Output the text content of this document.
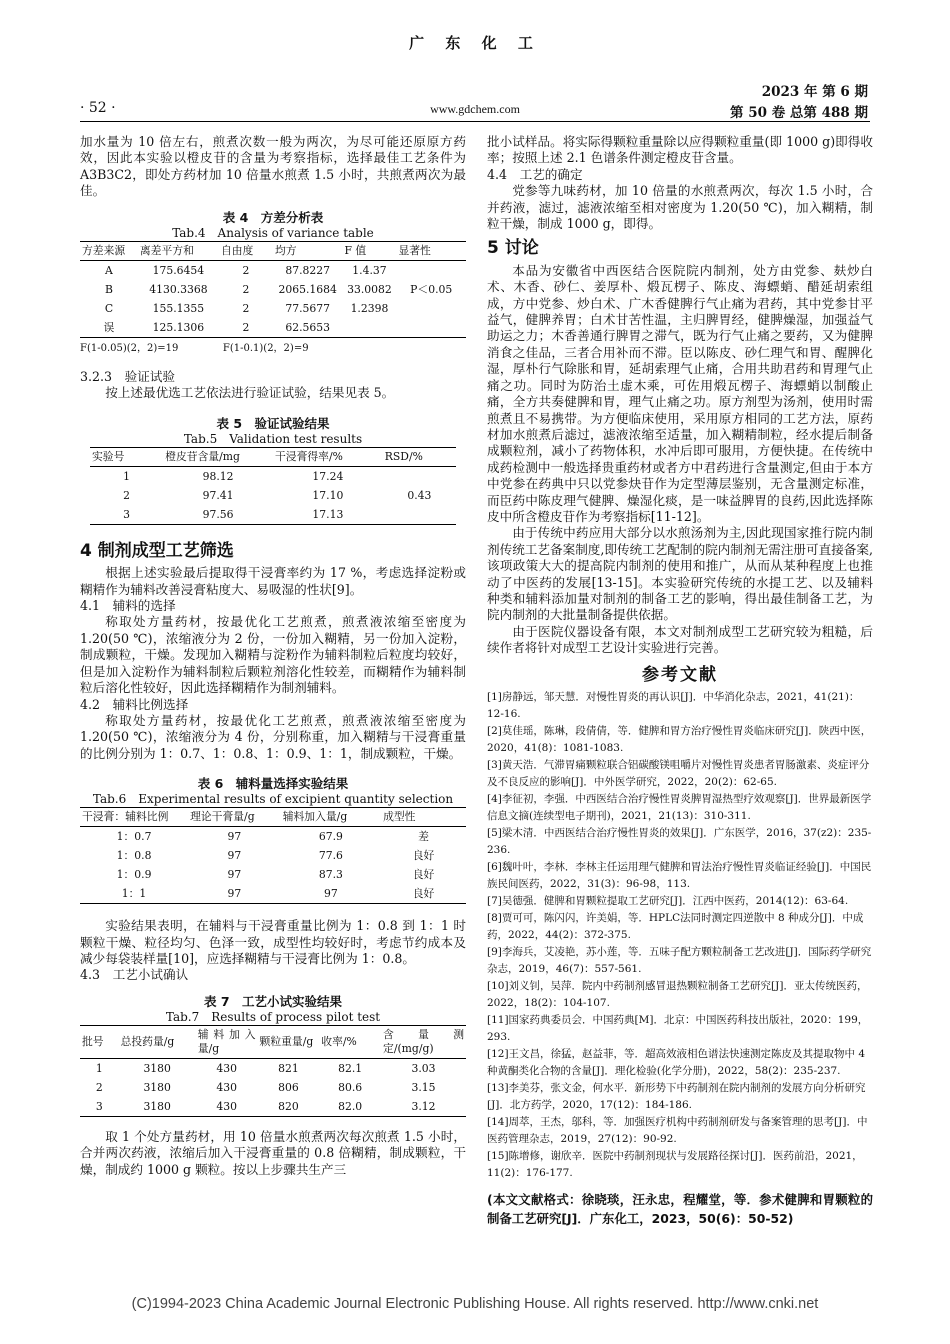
广 东 化 工
2023 年 第 6 期
· 52 ·	www.gdchem.com	第 50 卷 总第 488 期

加水量为 10 倍左右，煎煮次数一般为两次，为尽可能还原原方药效，因此本实验以橙皮苷的含量为考察指标，选择最佳工艺条件为 A3B3C2，即处方药材加 10 倍量水煎煮 1.5 小时，共煎煮两次为最佳。

表 4　方差分析表
Tab.4　Analysis of variance table
方差来源	离差平方和	自由度	均方	F 值	显著性
A	175.6454	2	87.8227	1.4.37	
B	4130.3368	2	2065.1684	33.0082	P＜0.05
C	155.1355	2	77.5677	1.2398	
误	125.1306	2	62.5653		
F(1-0.05)(2，2)=19	F(1-0.1)(2，2)=9

3.2.3　验证试验

按上述最优选工艺依法进行验证试验，结果见表 5。

表 5　验证试验结果
Tab.5　Validation test results
实验号	橙皮苷含量/mg	干浸膏得率/%	RSD/%
1	98.12	17.24	
2	97.41	17.10	0.43
3	97.56	17.13	

4 制剂成型工艺筛选

根据上述实验最后提取得干浸膏率约为 17 %，考虑选择淀粉或糊精作为辅料改善浸膏粘度大、易吸湿的性状[9]。

4.1　辅料的选择

称取处方量药材，按最优化工艺煎煮，煎煮液浓缩至密度为 1.20(50 ℃)，浓缩液分为 2 份，一份加入糊精，另一份加入淀粉，制成颗粒，干燥。发现加入糊精与淀粉作为辅料制粒后粒度均较好，但是加入淀粉作为辅料制粒后颗粒剂溶化性较差，而糊精作为辅料制粒后溶化性较好，因此选择糊精作为制剂辅料。

4.2　辅料比例选择

称取处方量药材，按最优化工艺煎煮，煎煮液浓缩至密度为 1.20(50 ℃)，浓缩液分为 4 份，分别称重，加入糊精与干浸膏重量的比例分别为 1：0.7、1：0.8、1：0.9、1：1，制成颗粒，干燥。

表 6　辅料量选择实验结果
Tab.6　Experimental results of excipient quantity selection
干浸膏：辅料比例	理论干膏量/g	辅料加入量/g	成型性
1：0.7	97	67.9	差
1：0.8	97	77.6	良好
1：0.9	97	87.3	良好
1：1	97	97	良好

实验结果表明，在辅料与干浸膏重量比例为 1：0.8 到 1：1 时颗粒干燥、粒径均匀、色泽一致，成型性均较好时，考虑节约成本及减少每袋装样量[10]，应选择糊精与干浸膏比例为 1：0.8。

4.3　工艺小试确认

表 7　工艺小试实验结果
Tab.7　Results of process pilot test
批号	总投药量/g	辅料加入量/g	颗粒重量/g	收率/%	含量测定/(mg/g)
1	3180	430	821	82.1	3.03
2	3180	430	806	80.6	3.15
3	3180	430	820	82.0	3.12

取 1 个处方量药材，用 10 倍量水煎煮两次每次煎煮 1.5 小时，合并两次药液，浓缩后加入干浸膏重量的 0.8 倍糊精，制成颗粒，干燥，制成约 1000 g 颗粒。按以上步骤共生产三

批小试样品。将实际得颗粒重量除以应得颗粒重量(即 1000 g)即得收率；按照上述 2.1 色谱条件测定橙皮苷含量。

4.4　工艺的确定

党参等九味药材，加 10 倍量的水煎煮两次，每次 1.5 小时，合并药液，滤过，滤液浓缩至相对密度为 1.20(50 ℃)，加入糊精，制粒干燥，制成 1000 g，即得。

5 讨论

本品为安徽省中西医结合医院院内制剂，处方由党参、麸炒白术、木香、砂仁、姜厚朴、煅瓦楞子、陈皮、海螵蛸、醋延胡索组成，方中党参、炒白术、广木香健脾行气止痛为君药，其中党参甘平益气，健脾养胃；白术甘苦性温，主归脾胃经，健脾燥湿，加强益气助运之力；木香善通行脾胃之滞气，既为行气止痛之要药，又为健脾消食之佳品，三者合用补而不滞。臣以陈皮、砂仁理气和胃、醒脾化湿，厚朴行气除胀和胃，延胡索理气止痛，合用共助君药和胃理气止痛之功。同时为防治土虚木乘，可佐用煅瓦楞子、海螵蛸以制酸止痛，全方共奏健脾和胃，理气止痛之功。原方剂型为汤剂，使用时需煎煮且不易携带。为方便临床使用，采用原方相同的工艺方法，原药材加水煎煮后滤过，滤液浓缩至适量，加入糊精制粒，经水提后制备成颗粒剂，减小了药物体积，水冲后即可服用，方便快捷。在传统中成药检测中一般选择贵重药材或者方中君药进行含量测定,但由于本方中党参在药典中只以党参炔苷作为定型薄层鉴别，无含量测定标准，而臣药中陈皮理气健脾、燥湿化痰，是一味益脾胃的良药,因此选择陈皮中所含橙皮苷作为考察指标[11-12]。

由于传统中药应用大部分以水煎汤剂为主,因此现国家推行院内制剂传统工艺备案制度,即传统工艺配制的院内制剂无需注册可直接备案,该项政策大大的提高院内制剂的使用和推广，从而从某种程度上也推动了中医药的发展[13-15]。本实验研究传统的水提工艺、以及辅料种类和辅料添加量对制剂的制备工艺的影响，得出最佳制备工艺，为院内制剂的大批量制备提供依据。

由于医院仪器设备有限，本文对制剂成型工艺研究较为粗糙，后续作者将针对成型工艺设计实验进行完善。

参考文献

[1]房静远，邹天慧．对慢性胃炎的再认识[J]．中华消化杂志，2021，41(21)：12-16.

[2]莫佳瑶，陈琳，段倩倩，等．健脾和胃方治疗慢性胃炎临床研究[J]．陕西中医，2020，41(8)：1081-1083.

[3]黄天浩．气滞胃痛颗粒联合铝碳酸镁咀嚼片对慢性胃炎患者胃肠激素、炎症评分及不良反应的影响[J]．中外医学研究，2022，20(2)：62-65.

[4]李征初，李强．中西医结合治疗慢性胃炎脾胃湿热型疗效观察[J]．世界最新医学信息文摘(连续型电子期刊)，2021，21(13)：310-311.

[5]梁木清．中西医结合治疗慢性胃炎的效果[J]．广东医学，2016，37(z2)：235-236.

[6]魏叶叶，李林．李林主任运用理气健脾和胃法治疗慢性胃炎临证经验[J]．中国民族民间医药，2022，31(3)：96-98，113.

[7]吴德强．健脾和胃颗粒提取工艺研究[J]．江西中医药，2014(12)：63-64.

[8]贾可可，陈闪闪，许美娟，等．HPLC法同时测定四逆散中 8 种成分[J]．中成药，2022，44(2)：372-375.

[9]李海兵，艾凌艳，苏小莲，等．五味子配方颗粒制备工艺改进[J]．国际药学研究杂志，2019，46(7)：557-561.

[10]刘义钊，吴萍．院内中药制剂感冒退热颗粒制备工艺研究[J]．亚太传统医药，2022，18(2)：104-107.

[11]国家药典委员会．中国药典[M]．北京：中国医药科技出版社，2020：199，293.

[12]王文昌，徐猛，赵益菲，等．超高效液相色谱法快速测定陈皮及其提取物中 4 种黄酮类化合物的含量[J]．理化检验(化学分册)，2022，58(2)：235-237.

[13]李美芬，张文金，何水平．新形势下中药制剂在院内制剂的发展方向分析研究[J]．北方药学，2020，17(12)：184-186.

[14]周萃，王杰，邬科，等．加强医疗机构中药制剂研发与备案管理的思考[J]．中医药管理杂志，2019，27(12)：90-92.

[15]陈增修，谢欣辛．医院中药制剂现状与发展路径探讨[J]．医药前沿，2021，11(2)：176-177.

(本文文献格式：徐晓琰，汪永忠，程耀堂，等．参术健脾和胃颗粒的制备工艺研究[J]．广东化工，2023，50(6)：50-52)

(C)1994-2023 China Academic Journal Electronic Publishing House. All rights reserved. http://www.cnki.net
